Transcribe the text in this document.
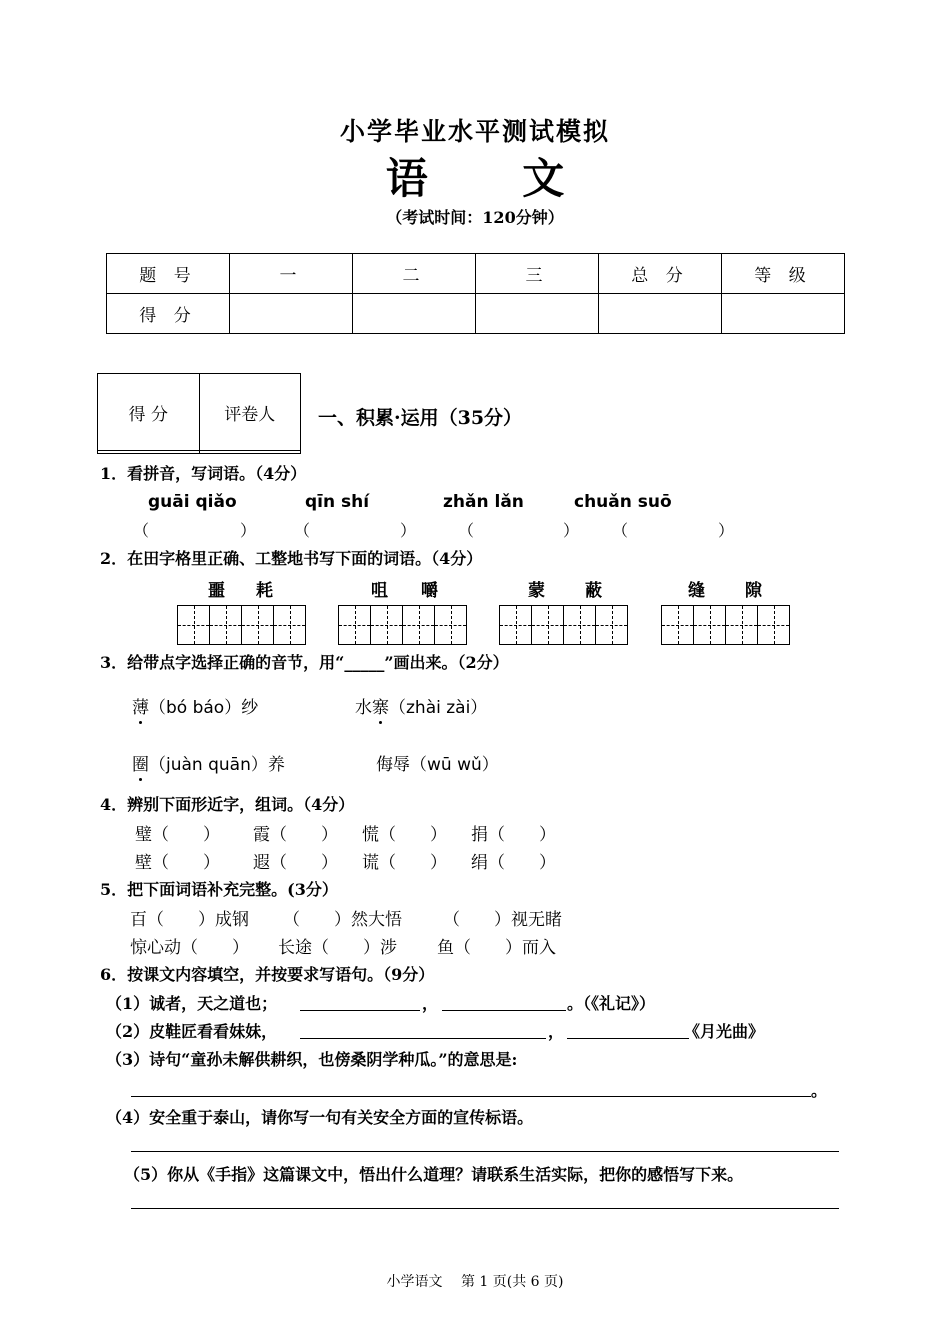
小学毕业水平测试模拟
语 文
（考试时间：120分钟）
题 号	一	二	三	总 分	等 级
得 分					
得 分	评卷人
	一、积累·运用（35分）
1．看拼音，写词语。（4分）
guāi qiǎo	qīn shí	zhǎn lǎn	chuǎn suō
（	） （	）	（	） （	）
2．在田字格里正确、工整地书写下面的词语。（4分）
噩 耗	咀 嚼	蒙 蔽	缝 隙
3．给带点字选择正确的音节，用“_____”画出来。（2分）
薄（bó báo）纱	水寨（zhài zài）
圈（juàn quān）养	侮辱（wū wǔ）
4．辨别下面形近字，组词。（4分）
璧（　　） 霞（　　） 慌（　　） 捐（　　）
壁（　　） 遐（　　） 谎（　　） 绢（　　）
5．把下面词语补充完整。(3分）
百（　　）成钢 （　　）然大悟 （　　）视无睹
惊心动（　　） 长途（　　）涉 鱼（　　）而入
6．按课文内容填空，并按要求写语句。（9分）
（1）诚者，天之道也；	，	。（《礼记》）
（2）皮鞋匠看看妹妹，	，	《月光曲》
（3）诗句“童孙未解供耕织，也傍桑阴学种瓜。”的意思是:
。
（4）安全重于泰山，请你写一句有关安全方面的宣传标语。
（5）你从《手指》这篇课文中，悟出什么道理？请联系生活实际，把你的感悟写下来。
小学语文　 第 1 页(共 6 页)
